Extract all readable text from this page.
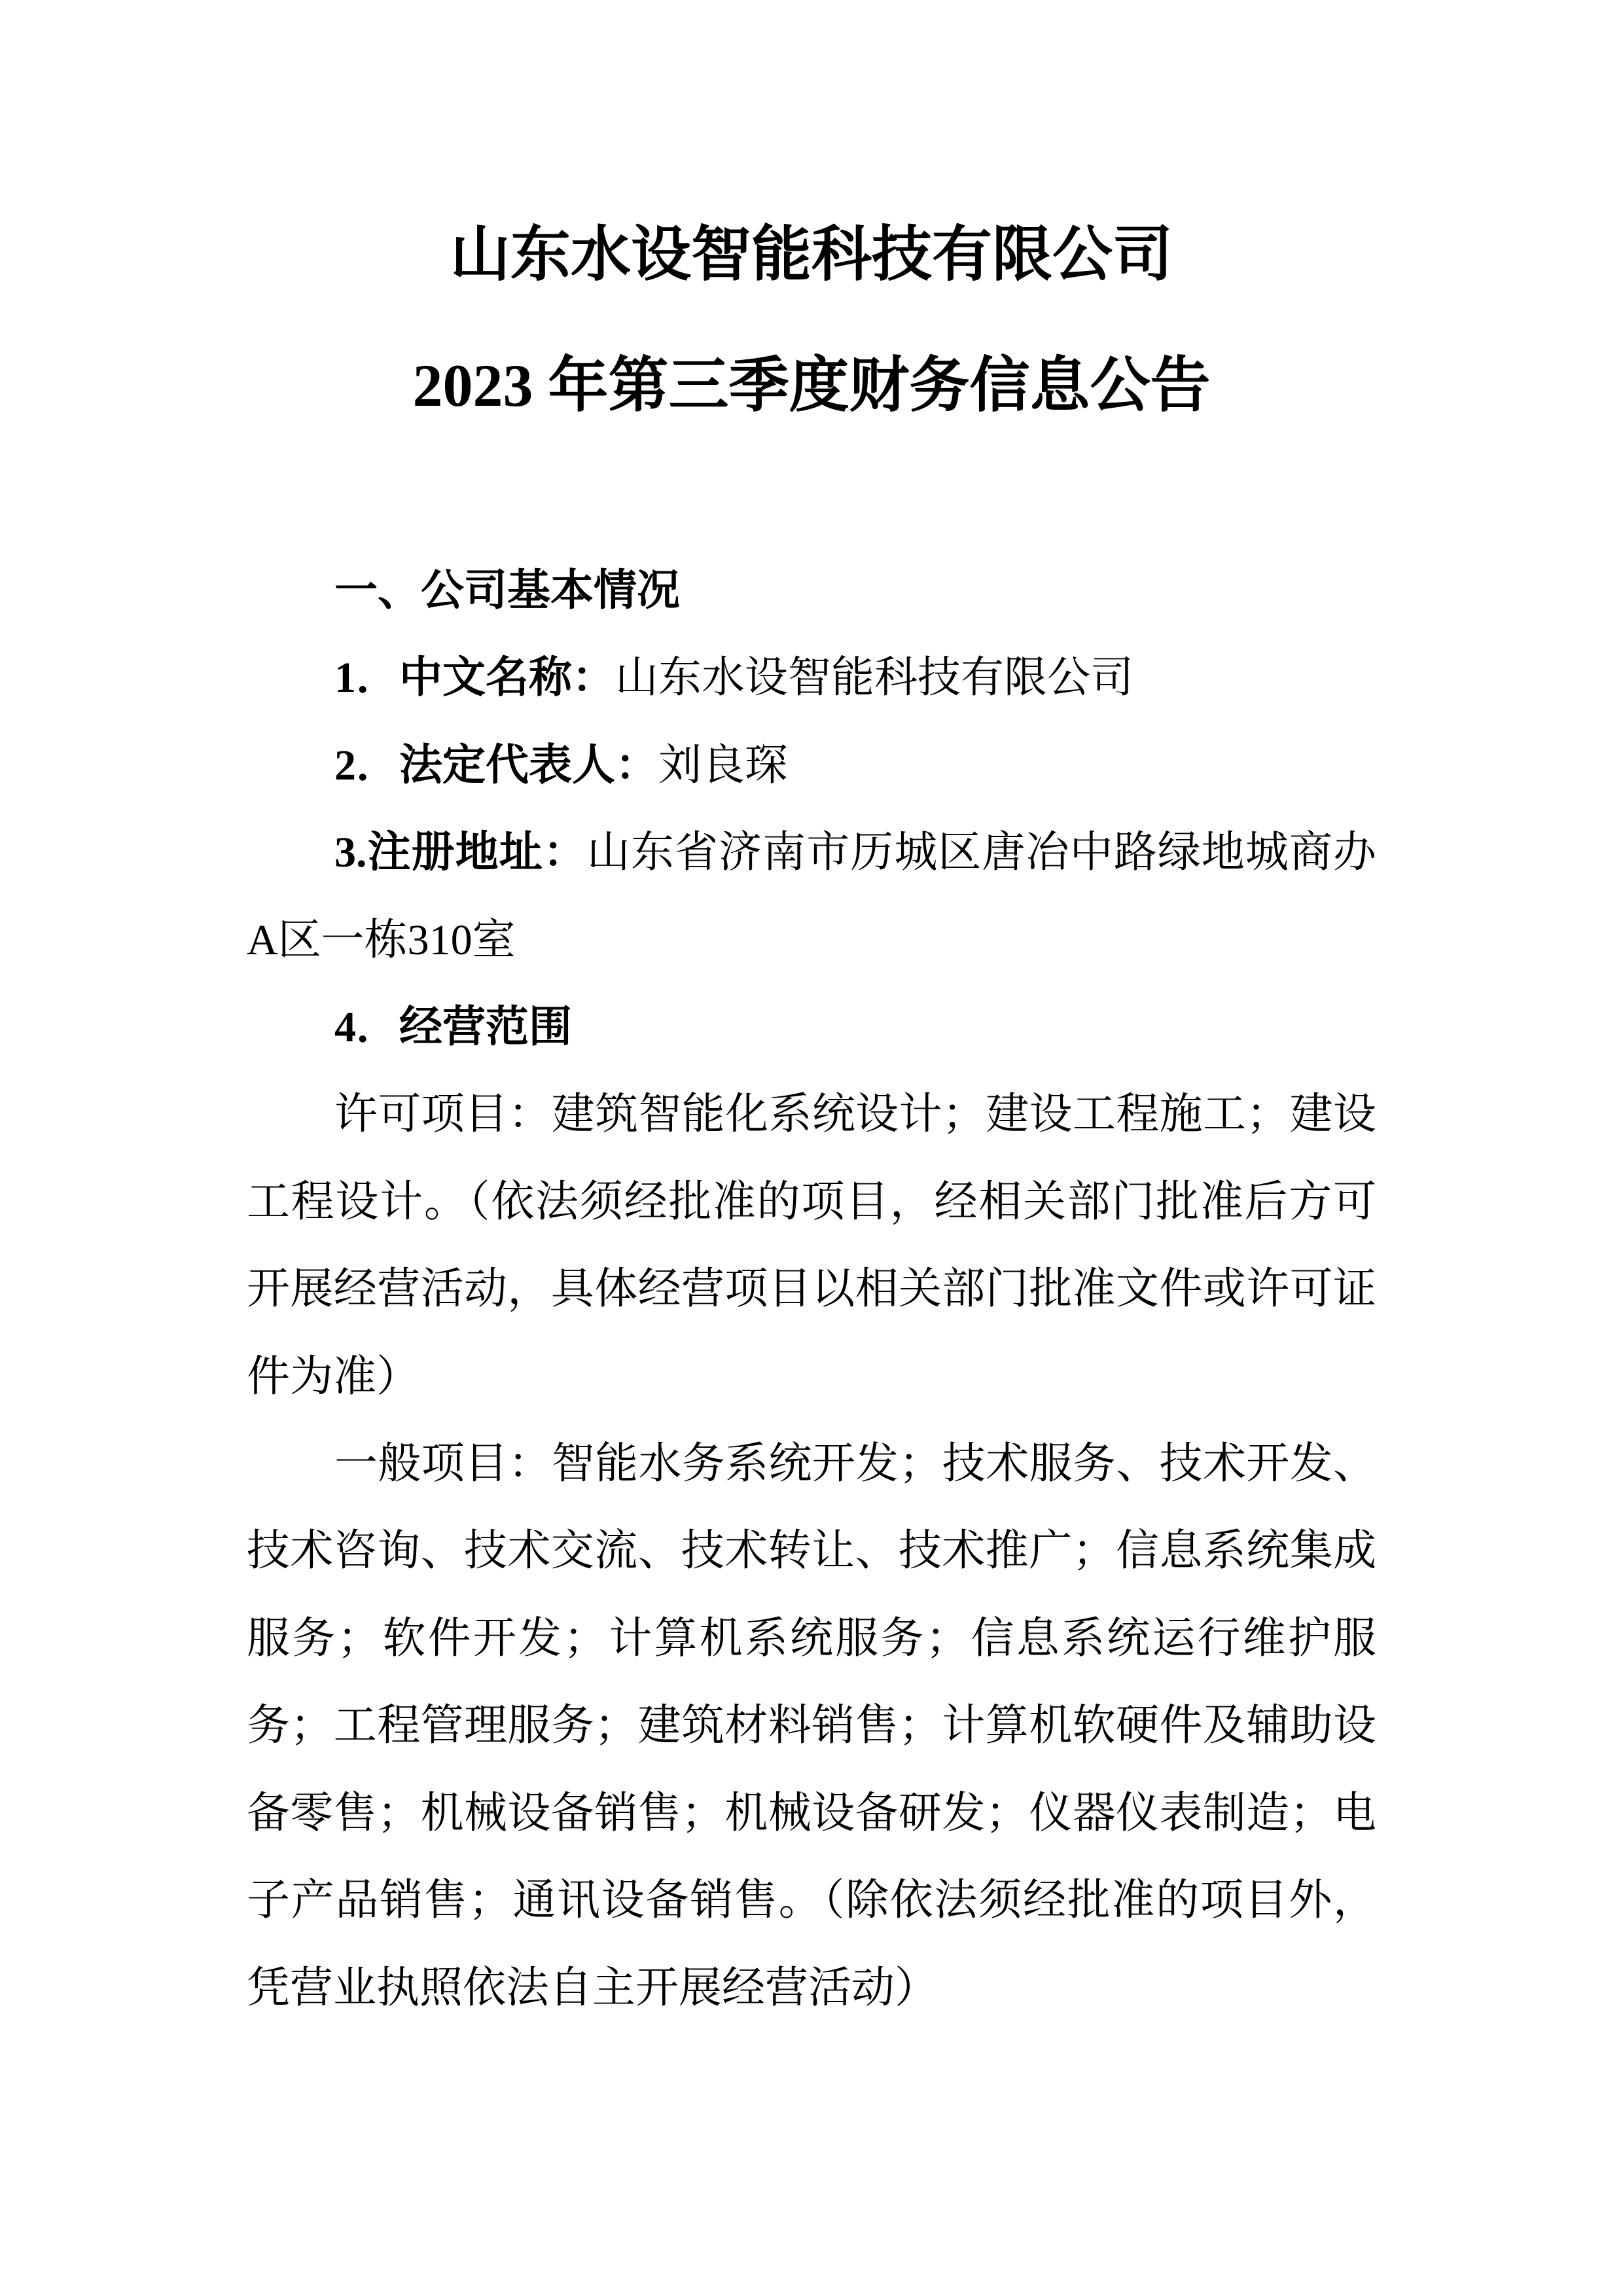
山东水设智能科技有限公司
2023 年第三季度财务信息公告
一、公司基本情况
1．中文名称：山东水设智能科技有限公司
2．法定代表人：刘良琛
3.注册地址：山东省济南市历城区唐冶中路绿地城商办
A区一栋310室
4．经营范围
许可项目：建筑智能化系统设计；建设工程施工；建设
工程设计。（依法须经批准的项目，经相关部门批准后方可
开展经营活动，具体经营项目以相关部门批准文件或许可证
件为准）
一般项目：智能水务系统开发；技术服务、技术开发、
技术咨询、技术交流、技术转让、技术推广；信息系统集成
服务；软件开发；计算机系统服务；信息系统运行维护服
务；工程管理服务；建筑材料销售；计算机软硬件及辅助设
备零售；机械设备销售；机械设备研发；仪器仪表制造；电
子产品销售；通讯设备销售。（除依法须经批准的项目外，
凭营业执照依法自主开展经营活动）
